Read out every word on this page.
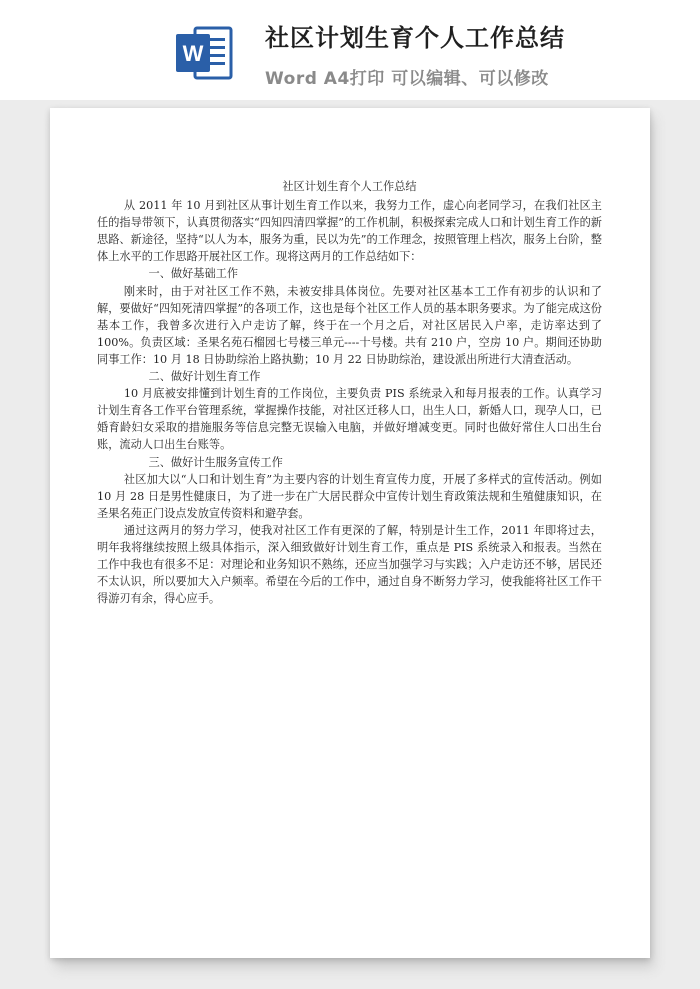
W
社区计划生育个人工作总结
Word A4打印 可以编辑、可以修改
社区计划生育个人工作总结

从 2011 年 10 月到社区从事计划生育工作以来，我努力工作，虚心向老同学习，在我们社区主任的指导带领下，认真贯彻落实“四知四清四掌握”的工作机制，积极探索完成人口和计划生育工作的新思路、新途径，坚持“以人为本，服务为重，民以为先”的工作理念，按照管理上档次，服务上台阶，整体上水平的工作思路开展社区工作。现将这两月的工作总结如下：

一、做好基础工作

刚来时，由于对社区工作不熟，未被安排具体岗位。先要对社区基本工工作有初步的认识和了解，要做好“四知死清四掌握”的各项工作，这也是每个社区工作人员的基本职务要求。为了能完成这份基本工作，我曾多次进行入户走访了解，终于在一个月之后，对社区居民入户率，走访率达到了 100%。负责区域：圣果名苑石榴园七号楼三单元----十号楼。共有 210 户，空房 10 户。期间还协助同事工作：10 月 18 日协助综治上路执勤；10 月 22 日协助综治，建设派出所进行大清查活动。

二、做好计划生育工作

10 月底被安排懂到计划生育的工作岗位，主要负责 PIS 系统录入和每月报表的工作。认真学习计划生育各工作平台管理系统，掌握操作技能，对社区迁移人口，出生人口，新婚人口，现孕人口，已婚育龄妇女采取的措施服务等信息完整无误输入电脑，并做好增减变更。同时也做好常住人口出生台账，流动人口出生台账等。

三、做好计生服务宣传工作

社区加大以“人口和计划生育”为主要内容的计划生育宣传力度，开展了多样式的宣传活动。例如 10 月 28 日是男性健康日，为了进一步在广大居民群众中宣传计划生育政策法规和生殖健康知识，在圣果名苑正门设点发放宣传资料和避孕套。

通过这两月的努力学习，使我对社区工作有更深的了解，特别是计生工作，2011 年即将过去，明年我将继续按照上级具体指示，深入细致做好计划生育工作，重点是 PIS 系统录入和报表。当然在工作中我也有很多不足：对理论和业务知识不熟练，还应当加强学习与实践；入户走访还不够，居民还不太认识，所以要加大入户频率。希望在今后的工作中，通过自身不断努力学习，使我能将社区工作干得游刃有余，得心应手。
